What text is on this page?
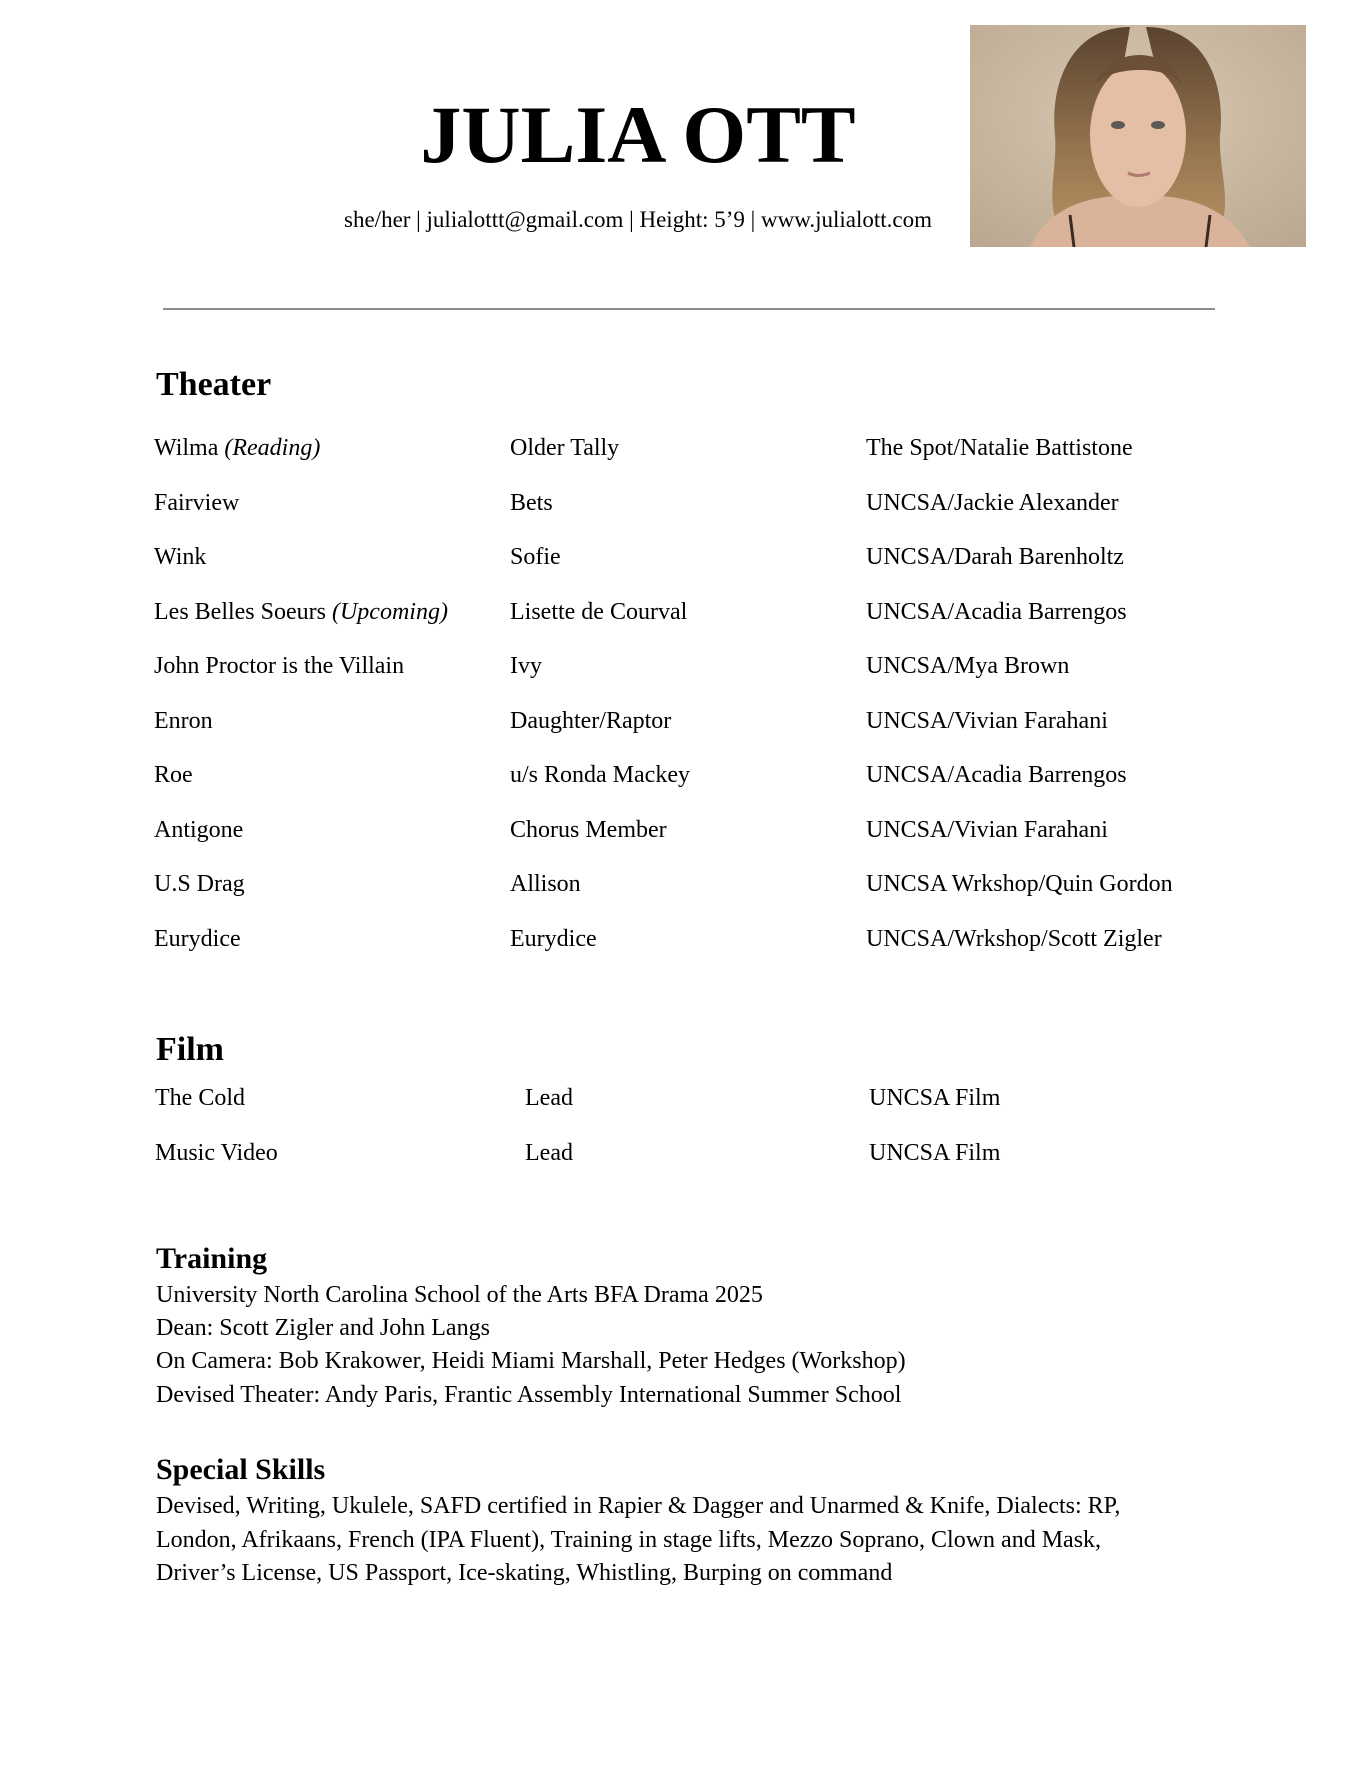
JULIA OTT
she/her | julialottt@gmail.com | Height: 5’9 | www.julialott.com
Theater
Wilma (Reading)	Older Tally	The Spot/Natalie Battistone
Fairview	Bets	UNCSA/Jackie Alexander
Wink	Sofie	UNCSA/Darah Barenholtz
Les Belles Soeurs (Upcoming)	Lisette de Courval	UNCSA/Acadia Barrengos
John Proctor is the Villain	Ivy	UNCSA/Mya Brown
Enron	Daughter/Raptor	UNCSA/Vivian Farahani
Roe	u/s Ronda Mackey	UNCSA/Acadia Barrengos
Antigone	Chorus Member	UNCSA/Vivian Farahani
U.S Drag	Allison	UNCSA Wrkshop/Quin Gordon
Eurydice	Eurydice	UNCSA/Wrkshop/Scott Zigler
Film
The Cold	Lead	UNCSA Film
Music Video	Lead	UNCSA Film
Training
University North Carolina School of the Arts BFA Drama 2025
Dean: Scott Zigler and John Langs
On Camera: Bob Krakower, Heidi Miami Marshall, Peter Hedges (Workshop)
Devised Theater: Andy Paris, Frantic Assembly International Summer School
Special Skills
Devised, Writing, Ukulele, SAFD certified in Rapier & Dagger and Unarmed & Knife, Dialects: RP,
London, Afrikaans, French (IPA Fluent), Training in stage lifts, Mezzo Soprano, Clown and Mask,
Driver’s License, US Passport, Ice-skating, Whistling, Burping on command
